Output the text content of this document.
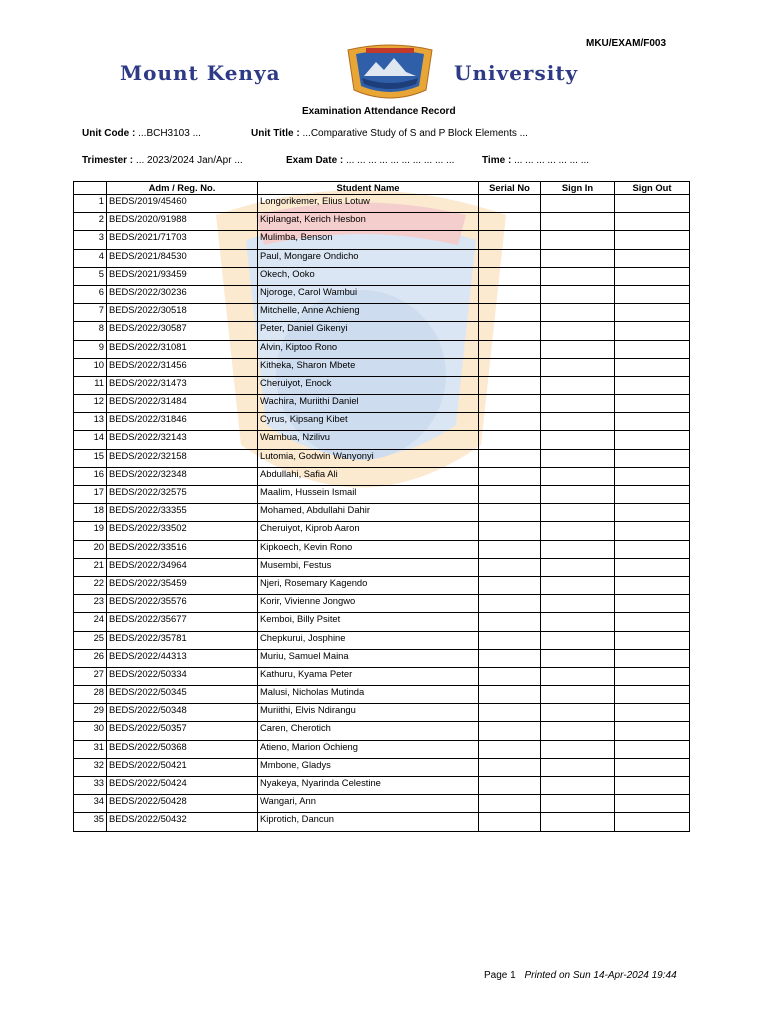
MKU/EXAM/F003
Mount Kenya	University
Examination Attendance Record
Unit Code : ...BCH3103 ...	Unit Title : ...Comparative Study of S and P Block Elements ...
Trimester : ... 2023/2024 Jan/Apr ...	Exam Date : ... ... ... ... ... ... ... ... ... ...	Time : ... ... ... ... ... ... ...
	Adm / Reg. No.	Student Name	Serial No	Sign In	Sign Out
1	BEDS/2019/45460	Longorikemer, Elius Lotuw			
2	BEDS/2020/91988	Kiplangat, Kerich Hesbon			
3	BEDS/2021/71703	Mulimba, Benson			
4	BEDS/2021/84530	Paul, Mongare Ondicho			
5	BEDS/2021/93459	Okech, Ooko			
6	BEDS/2022/30236	Njoroge, Carol Wambui			
7	BEDS/2022/30518	Mitchelle, Anne Achieng			
8	BEDS/2022/30587	Peter, Daniel Gikenyi			
9	BEDS/2022/31081	Alvin, Kiptoo Rono			
10	BEDS/2022/31456	Kitheka, Sharon Mbete			
11	BEDS/2022/31473	Cheruiyot, Enock			
12	BEDS/2022/31484	Wachira, Muriithi Daniel			
13	BEDS/2022/31846	Cyrus, Kipsang Kibet			
14	BEDS/2022/32143	Wambua, Nzilivu			
15	BEDS/2022/32158	Lutomia, Godwin Wanyonyi			
16	BEDS/2022/32348	Abdullahi, Safia Ali			
17	BEDS/2022/32575	Maalim, Hussein Ismail			
18	BEDS/2022/33355	Mohamed, Abdullahi Dahir			
19	BEDS/2022/33502	Cheruiyot, Kiprob Aaron			
20	BEDS/2022/33516	Kipkoech, Kevin Rono			
21	BEDS/2022/34964	Musembi, Festus			
22	BEDS/2022/35459	Njeri, Rosemary Kagendo			
23	BEDS/2022/35576	Korir, Vivienne Jongwo			
24	BEDS/2022/35677	Kemboi, Billy Psitet			
25	BEDS/2022/35781	Chepkurui, Josphine			
26	BEDS/2022/44313	Muriu, Samuel Maina			
27	BEDS/2022/50334	Kathuru, Kyama Peter			
28	BEDS/2022/50345	Malusi, Nicholas Mutinda			
29	BEDS/2022/50348	Muriithi, Elvis Ndirangu			
30	BEDS/2022/50357	Caren, Cherotich			
31	BEDS/2022/50368	Atieno, Marion Ochieng			
32	BEDS/2022/50421	Mmbone, Gladys			
33	BEDS/2022/50424	Nyakeya, Nyarinda Celestine			
34	BEDS/2022/50428	Wangari, Ann			
35	BEDS/2022/50432	Kiprotich, Dancun			
Page 1 Printed on Sun 14-Apr-2024 19:44
